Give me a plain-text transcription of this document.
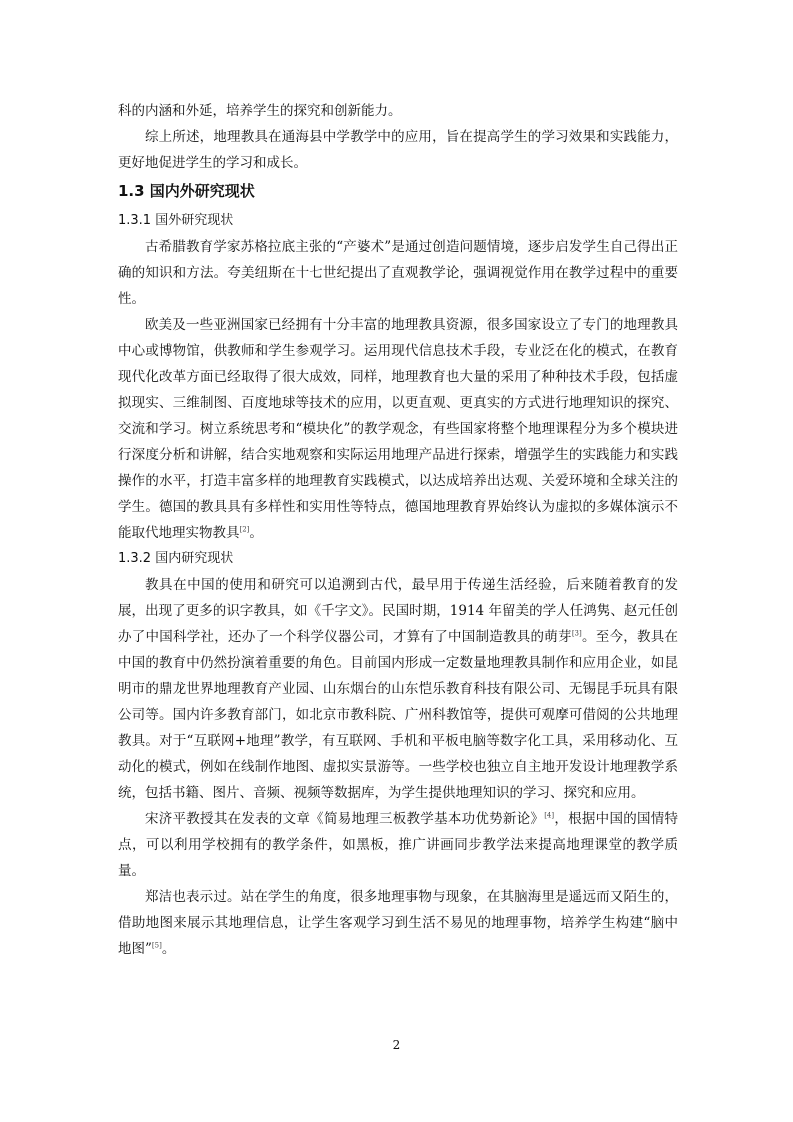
科的内涵和外延，培养学生的探究和创新能力。

综上所述，地理教具在通海县中学教学中的应用，旨在提高学生的学习效果和实践能力，更好地促进学生的学习和成长。

1.3 国内外研究现状
1.3.1 国外研究现状

古希腊教育学家苏格拉底主张的“产婆术”是通过创造问题情境，逐步启发学生自己得出正确的知识和方法。夸美纽斯在十七世纪提出了直观教学论，强调视觉作用在教学过程中的重要性。

欧美及一些亚洲国家已经拥有十分丰富的地理教具资源，很多国家设立了专门的地理教具中心或博物馆，供教师和学生参观学习。运用现代信息技术手段，专业泛在化的模式，在教育现代化改革方面已经取得了很大成效，同样，地理教育也大量的采用了种种技术手段，包括虚拟现实、三维制图、百度地球等技术的应用，以更直观、更真实的方式进行地理知识的探究、交流和学习。树立系统思考和“模块化”的教学观念，有些国家将整个地理课程分为多个模块进行深度分析和讲解，结合实地观察和实际运用地理产品进行探索，增强学生的实践能力和实践操作的水平，打造丰富多样的地理教育实践模式，以达成培养出达观、关爱环境和全球关注的学生。德国的教具具有多样性和实用性等特点，德国地理教育界始终认为虚拟的多媒体演示不能取代地理实物教具[2]。

1.3.2 国内研究现状

教具在中国的使用和研究可以追溯到古代，最早用于传递生活经验，后来随着教育的发展，出现了更多的识字教具，如《千字文》。民国时期，1914 年留美的学人任鸿隽、赵元任创办了中国科学社，还办了一个科学仪器公司，才算有了中国制造教具的萌芽[3]。至今，教具在中国的教育中仍然扮演着重要的角色。目前国内形成一定数量地理教具制作和应用企业，如昆明市的鼎龙世界地理教育产业园、山东烟台的山东恺乐教育科技有限公司、无锡昆手玩具有限公司等。国内许多教育部门，如北京市教科院、广州科教馆等，提供可观摩可借阅的公共地理教具。对于“互联网+地理”教学，有互联网、手机和平板电脑等数字化工具，采用移动化、互动化的模式，例如在线制作地图、虚拟实景游等。一些学校也独立自主地开发设计地理教学系统，包括书籍、图片、音频、视频等数据库，为学生提供地理知识的学习、探究和应用。

宋济平教授其在发表的文章《简易地理三板教学基本功优势新论》[4]，根据中国的国情特点，可以利用学校拥有的教学条件，如黑板，推广讲画同步教学法来提高地理课堂的教学质量。

郑洁也表示过。站在学生的角度，很多地理事物与现象，在其脑海里是遥远而又陌生的，借助地图来展示其地理信息，让学生客观学习到生活不易见的地理事物，培养学生构建“脑中地图”[5]。

2
